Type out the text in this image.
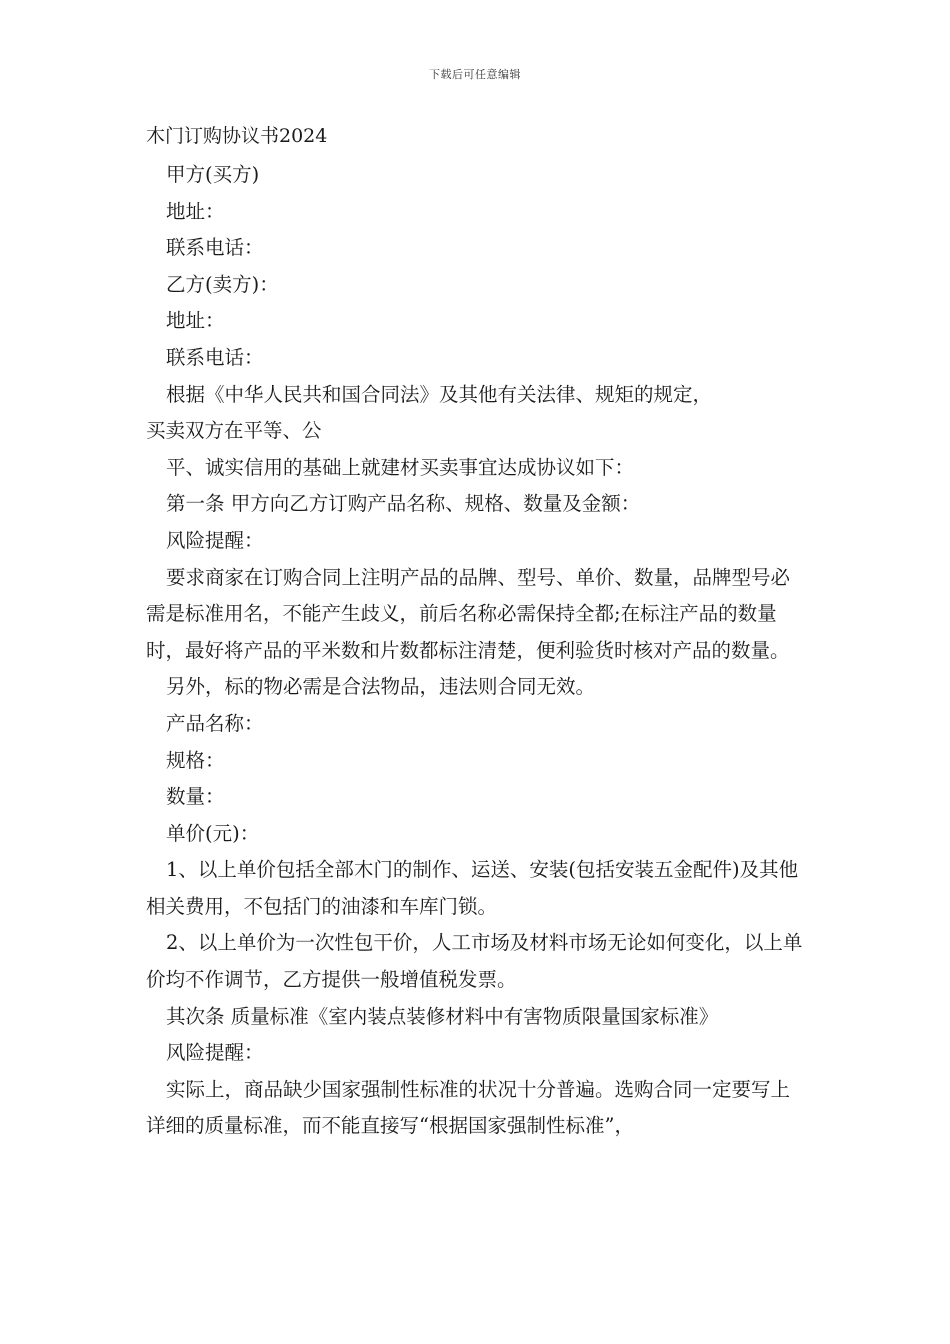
下载后可任意编辑
木门订购协议书2024

甲方(买方)

地址：

联系电话：

乙方(卖方)：

地址：

联系电话：

根据《中华人民共和国合同法》及其他有关法律、规矩的规定，

买卖双方在平等、公

平、诚实信用的基础上就建材买卖事宜达成协议如下：

第一条 甲方向乙方订购产品名称、规格、数量及金额：

风险提醒：

要求商家在订购合同上注明产品的品牌、型号、单价、数量，品牌型号必需是标准用名，不能产生歧义，前后名称必需保持全都;在标注产品的数量时，最好将产品的平米数和片数都标注清楚，便利验货时核对产品的数量。

另外，标的物必需是合法物品，违法则合同无效。

产品名称：

规格：

数量：

单价(元)：

1、以上单价包括全部木门的制作、运送、安装(包括安装五金配件)及其他相关费用，不包括门的油漆和车库门锁。

2、以上单价为一次性包干价，人工市场及材料市场无论如何变化，以上单价均不作调节，乙方提供一般增值税发票。

其次条 质量标准《室内装点装修材料中有害物质限量国家标准》

风险提醒：

实际上，商品缺少国家强制性标准的状况十分普遍。选购合同一定要写上详细的质量标准，而不能直接写“根据国家强制性标准”，
